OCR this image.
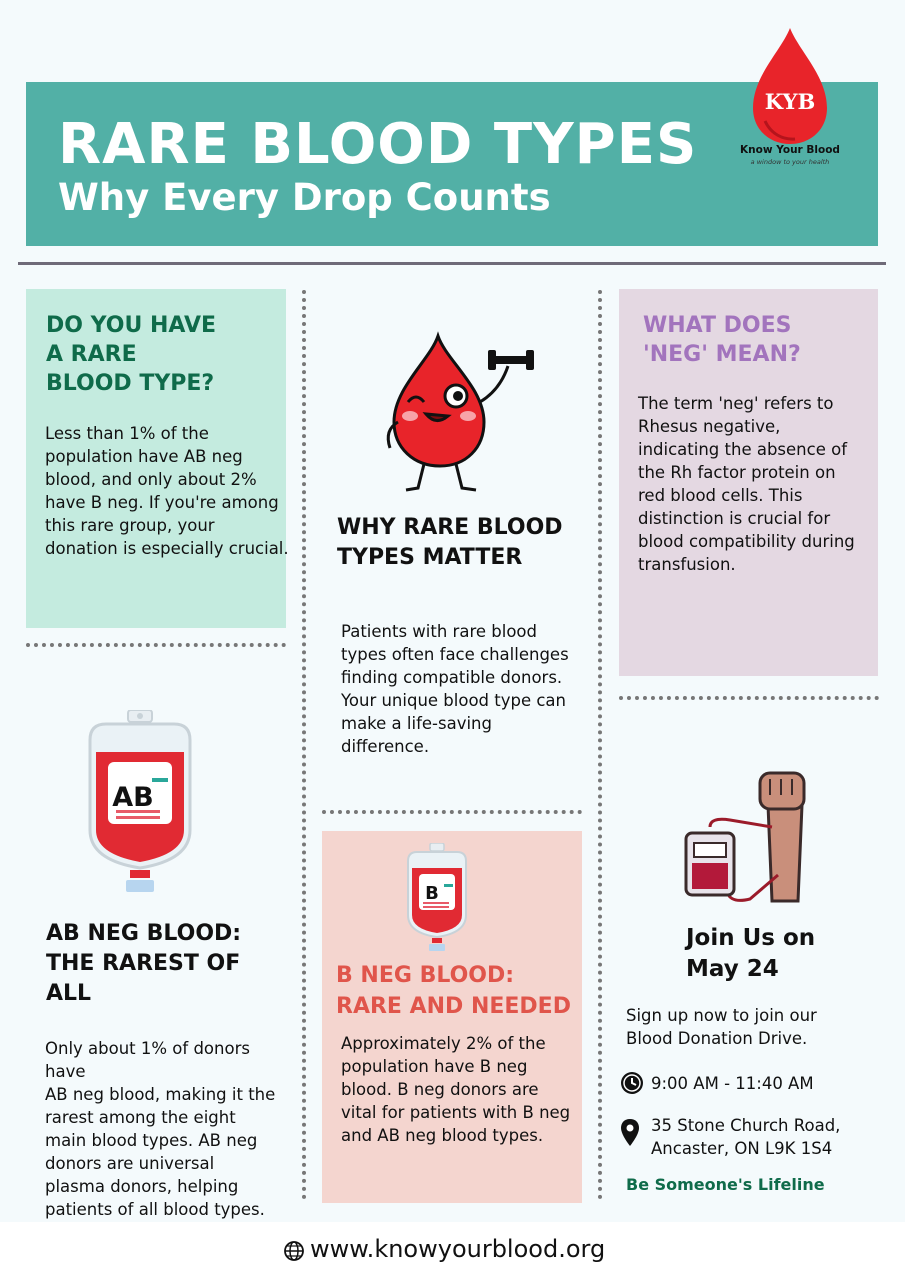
RARE BLOOD TYPES
Why Every Drop Counts
KYB
Know Your Blood
a window to your health
DO YOU HAVE
A RARE
BLOOD TYPE?
Less than 1% of the population have AB neg blood, and only about 2% have B neg. If you're among this rare group, your donation is especially crucial.
WHY RARE BLOOD
TYPES MATTER
Patients with rare blood types often face challenges finding compatible donors. Your unique blood type can make a life-saving difference.
WHAT DOES
'NEG' MEAN?
The term 'neg' refers to Rhesus negative, indicating the absence of the Rh factor protein on red blood cells. This distinction is crucial for blood compatibility during transfusion.
AB
AB NEG BLOOD:
THE RAREST OF
ALL
Only about 1% of donors
have
AB neg blood, making it the
rarest among the eight
main blood types. AB neg
donors are universal
plasma donors, helping
patients of all blood types.
B
B NEG BLOOD:
RARE AND NEEDED
Approximately 2% of the population have B neg blood. B neg donors are vital for patients with B neg and AB neg blood types.
Join Us on
May 24
Sign up now to join our Blood Donation Drive.
9:00 AM - 11:40 AM
35 Stone Church Road,
Ancaster, ON L9K 1S4
Be Someone's Lifeline
www.knowyourblood.org
